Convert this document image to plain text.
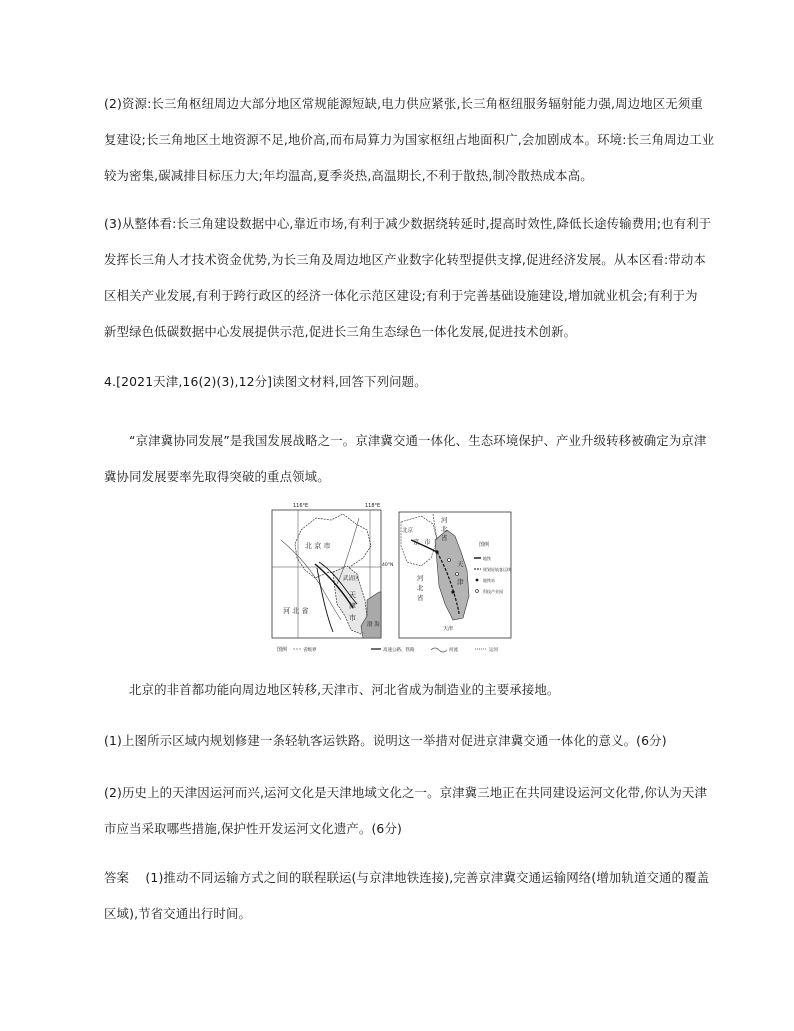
(2)资源:长三角枢纽周边大部分地区常规能源短缺,电力供应紧张,长三角枢纽服务辐射能力强,周边地区无须重
复建设;长三角地区土地资源不足,地价高,而布局算力为国家枢纽占地面积广,会加剧成本。环境:长三角周边工业
较为密集,碳减排目标压力大;年均温高,夏季炎热,高温期长,不利于散热,制冷散热成本高。

(3)从整体看:长三角建设数据中心,靠近市场,有利于减少数据绕转延时,提高时效性,降低长途传输费用;也有利于
发挥长三角人才技术资金优势,为长三角及周边地区产业数字化转型提供支撑,促进经济发展。从本区看:带动本
区相关产业发展,有利于跨行政区的经济一体化示范区建设;有利于完善基础设施建设,增加就业机会;有利于为
新型绿色低碳数据中心发展提供示范,促进长三角生态绿色一体化发展,促进技术创新。

4.[2021天津,16(2)(3),12分]读图文材料,回答下列问题。

“京津冀协同发展”是我国发展战略之一。京津冀交通一体化、生态环境保护、产业升级转移被确定为京津
冀协同发展要率先取得突破的重点领域。

116°E	118°E
40°N
北 京 市
武清区
天
津
市
河 北 省
渤 海
北京
京 市
河
北
省
河
北
省
天
津
天津
图例
地铁
规划轻轨客运线
地铁站
科技产业园
图例	省级界	高速公路、铁路	河流	运河

北京的非首都功能向周边地区转移,天津市、河北省成为制造业的主要承接地。

(1)上图所示区域内规划修建一条轻轨客运铁路。说明这一举措对促进京津冀交通一体化的意义。(6分)

(2)历史上的天津因运河而兴,运河文化是天津地域文化之一。京津冀三地正在共同建设运河文化带,你认为天津
市应当采取哪些措施,保护性开发运河文化遗产。(6分)

答案    (1)推动不同运输方式之间的联程联运(与京津地铁连接),完善京津冀交通运输网络(增加轨道交通的覆盖
区域),节省交通出行时间。
